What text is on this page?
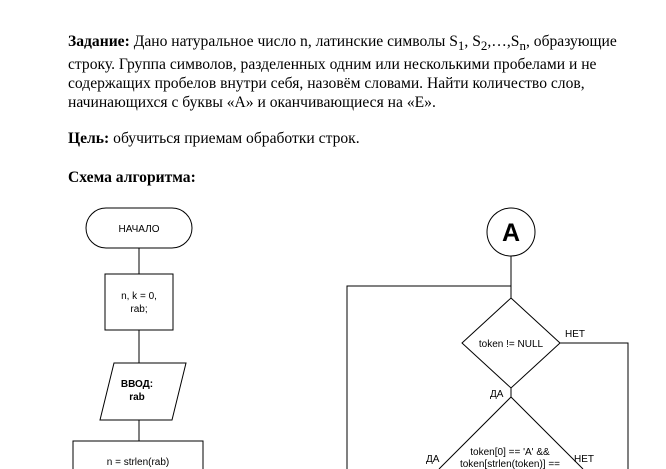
Задание: Дано натуральное число n, латинские символы $S_1$, $S_2,\dots,S_n$, образующие строку. Группа символов, разделенных одним или несколькими пробелами и не содержащих пробелов внутри себя, назовём словами. Найти количество слов, начинающихся с буквы «А» и оканчивающиеся на «Е».
Цель: обучиться приемам обработки строк.
Схема алгоритма:
НАЧАЛО
n, k = 0,
rab;
ВВОД:
rab
n = strlen(rab)
A
token != NULL
НЕТ
ДА
token[0] == 'A' &&
token[strlen(token)] ==
ДА	НЕТ
